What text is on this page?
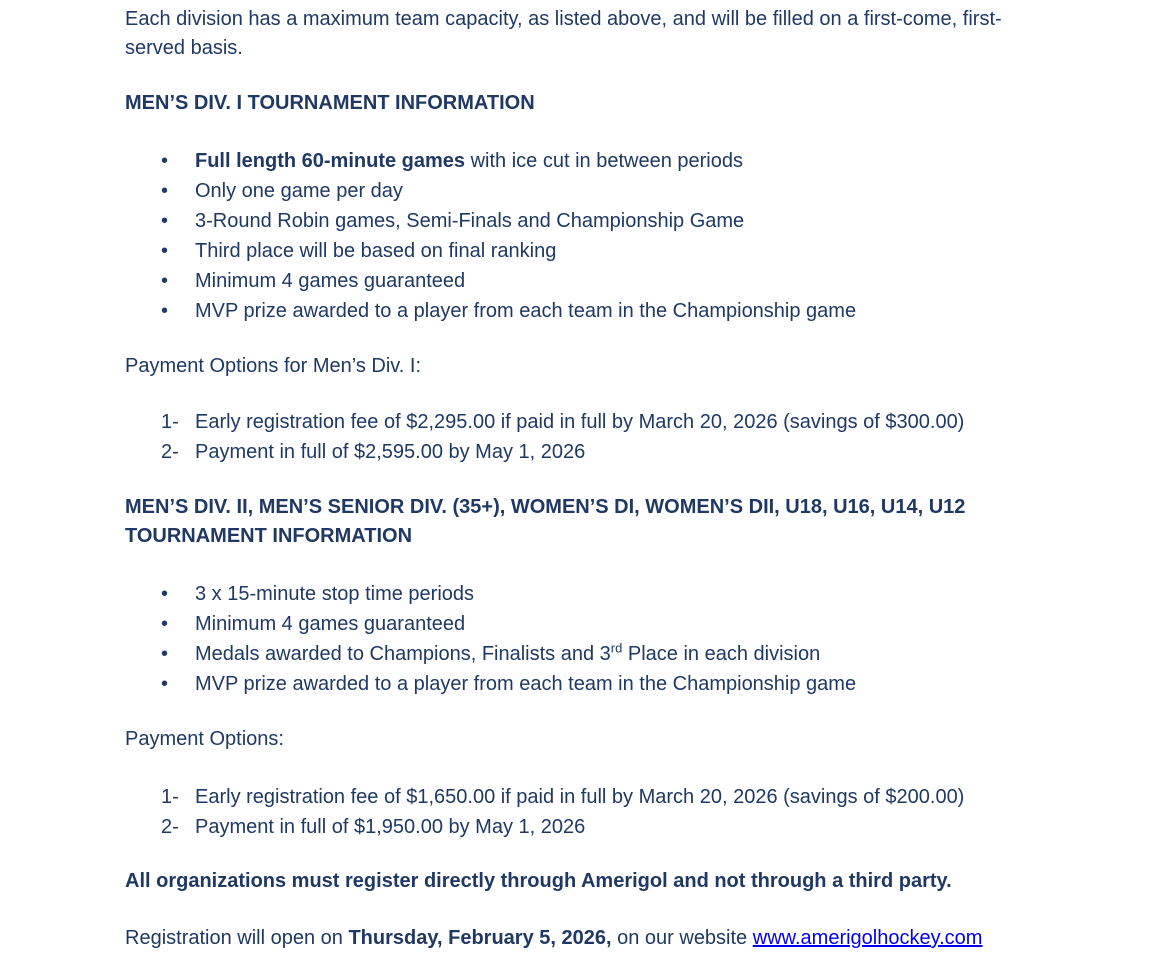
Each division has a maximum team capacity, as listed above, and will be filled on a first-come, first-served basis.

MEN’S DIV. I TOURNAMENT INFORMATION

• Full length 60-minute games with ice cut in between periods
• Only one game per day
• 3-Round Robin games, Semi-Finals and Championship Game
• Third place will be based on final ranking
• Minimum 4 games guaranteed
• MVP prize awarded to a player from each team in the Championship game

Payment Options for Men’s Div. I:

1- Early registration fee of $2,295.00 if paid in full by March 20, 2026 (savings of $300.00)
2- Payment in full of $2,595.00 by May 1, 2026

MEN’S DIV. II, MEN’S SENIOR DIV. (35+), WOMEN’S DI, WOMEN’S DII, U18, U16, U14, U12

TOURNAMENT INFORMATION

• 3 x 15-minute stop time periods
• Minimum 4 games guaranteed
• Medals awarded to Champions, Finalists and 3rd Place in each division
• MVP prize awarded to a player from each team in the Championship game

Payment Options:

1- Early registration fee of $1,650.00 if paid in full by March 20, 2026 (savings of $200.00)
2- Payment in full of $1,950.00 by May 1, 2026

All organizations must register directly through Amerigol and not through a third party.

Registration will open on Thursday, February 5, 2026, on our website www.amerigolhockey.com
